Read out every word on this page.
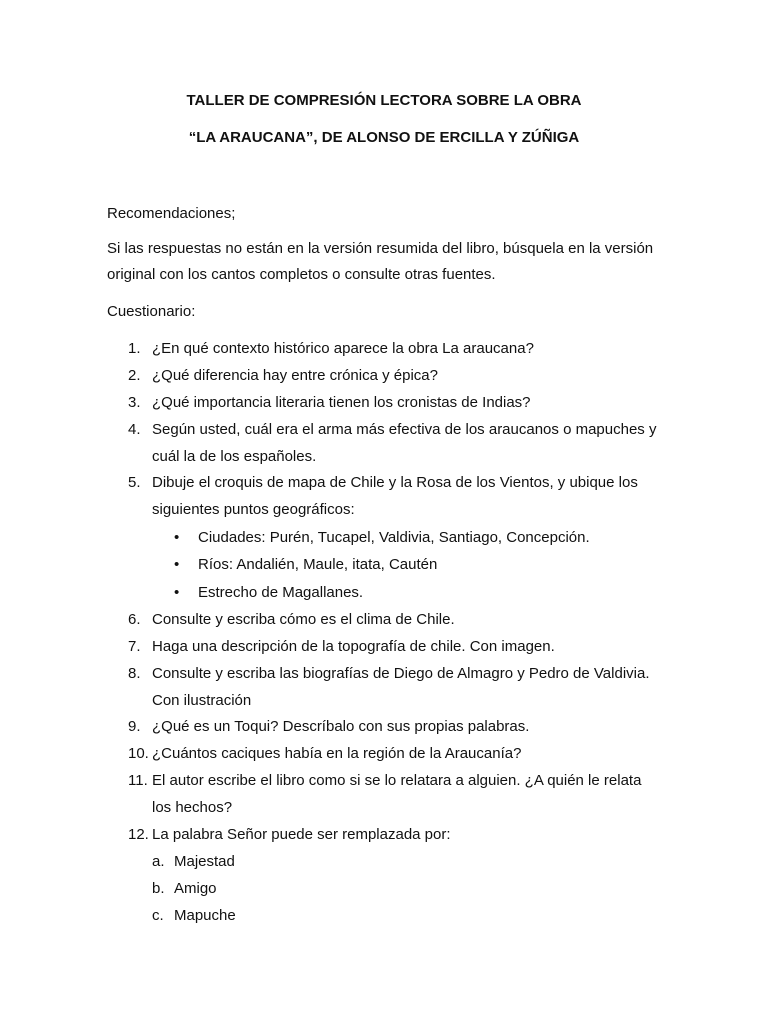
TALLER DE COMPRESIÓN LECTORA SOBRE LA OBRA
“LA ARAUCANA”, DE ALONSO DE ERCILLA Y ZÚÑIGA
Recomendaciones;
Si las respuestas no están en la versión resumida del libro, búsquela en la versión
original con los cantos completos o consulte otras fuentes.
Cuestionario:
1. ¿En qué contexto histórico aparece la obra La araucana?
2. ¿Qué diferencia hay entre crónica y épica?
3. ¿Qué importancia literaria tienen los cronistas de Indias?
4. Según usted, cuál era el arma más efectiva de los araucanos o mapuches y
cuál la de los españoles.
5. Dibuje el croquis de mapa de Chile y la Rosa de los Vientos, y ubique los
siguientes puntos geográficos:
• Ciudades: Purén, Tucapel, Valdivia, Santiago, Concepción.
• Ríos: Andalién, Maule, itata, Cautén
• Estrecho de Magallanes.
6. Consulte y escriba cómo es el clima de Chile.
7. Haga una descripción de la topografía de chile. Con imagen.
8. Consulte y escriba las biografías de Diego de Almagro y Pedro de Valdivia.
Con ilustración
9. ¿Qué es un Toqui? Descríbalo con sus propias palabras.
10. ¿Cuántos caciques había en la región de la Araucanía?
11. El autor escribe el libro como si se lo relatara a alguien. ¿A quién le relata
los hechos?
12. La palabra Señor puede ser remplazada por:
a. Majestad
b. Amigo
c. Mapuche
